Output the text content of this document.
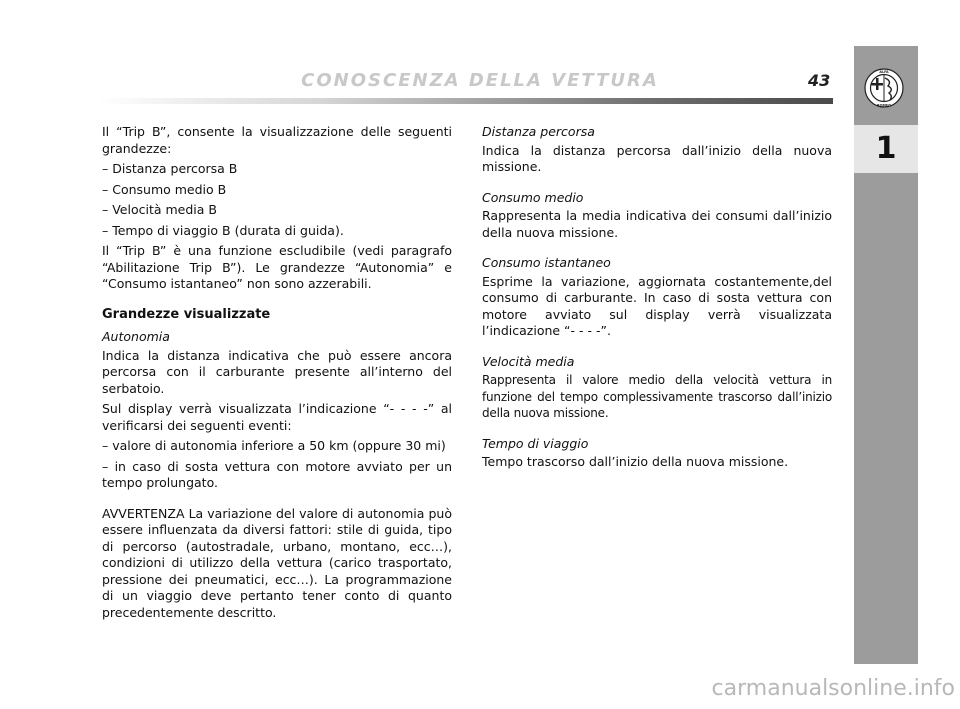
CONOSCENZA DELLA VETTURA	43	ALFA
ROMEO
1

Il “Trip B”, consente la visualizzazione delle seguenti grandezze:

– Distanza percorsa B

– Consumo medio B

– Velocità media B

– Tempo di viaggio B (durata di guida).

Il “Trip B” è una funzione escludibile (vedi paragrafo “Abilitazione Trip B”). Le grandezze “Autonomia” e “Consumo istantaneo” non sono azzerabili.

Grandezze visualizzate

Autonomia

Indica la distanza indicativa che può essere ancora percorsa con il carburante presente all’interno del serbatoio.

Sul display verrà visualizzata l’indicazione “- - - -” al verificarsi dei seguenti eventi:

– valore di autonomia inferiore a 50 km (oppure 30 mi)

– in caso di sosta vettura con motore avviato per un tempo prolungato.

AVVERTENZA La variazione del valore di autonomia può essere influenzata da diversi fattori: stile di guida, tipo di percorso (autostradale, urbano, montano, ecc…), condizioni di utilizzo della vettura (carico trasportato, pressione dei pneumatici, ecc…). La programmazione di un viaggio deve pertanto tener conto di quanto precedentemente descritto.

Distanza percorsa

Indica la distanza percorsa dall’inizio della nuova missione.

Consumo medio

Rappresenta la media indicativa dei consumi dall’inizio della nuova missione.

Consumo istantaneo

Esprime la variazione, aggiornata costantemente,del consumo di carburante. In caso di sosta vettura con motore avviato sul display verrà visualizzata l’indicazione “- - - -”.

Velocità media

Rappresenta il valore medio della velocità vettura in funzione del tempo complessivamente trascorso dall’inizio della nuova missione.

Tempo di viaggio

Tempo trascorso dall’inizio della nuova missione.

carmanualsonline.info
